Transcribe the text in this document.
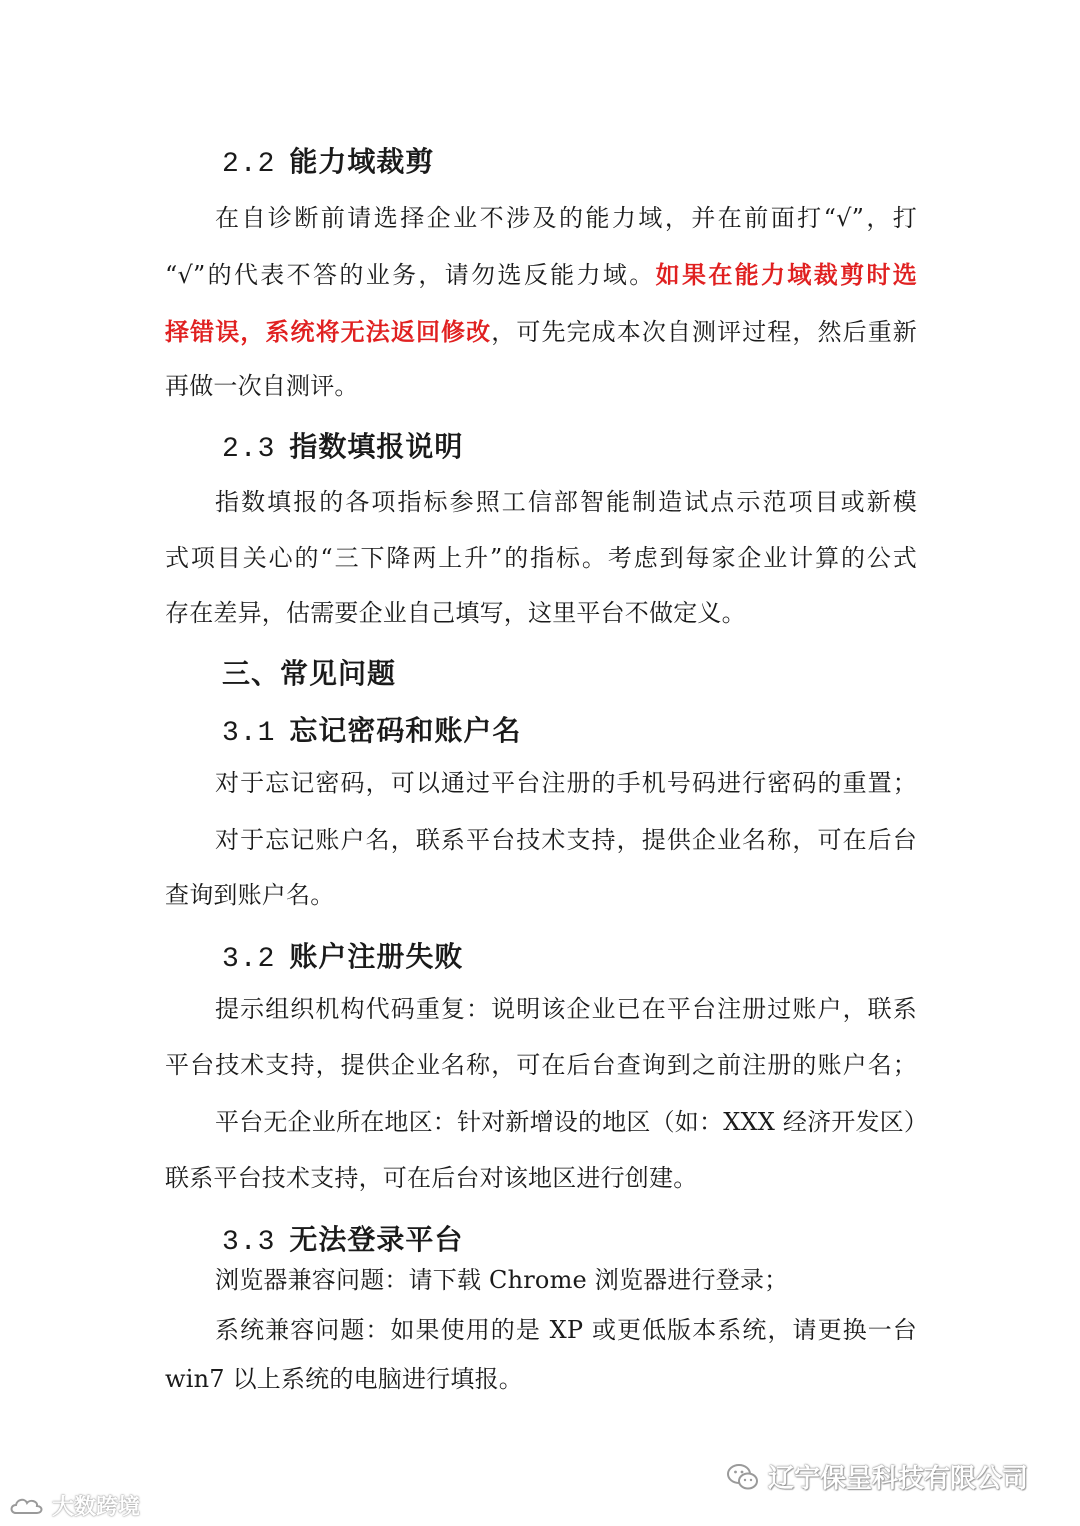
2.2 能力域裁剪
在自诊断前请选择企业不涉及的能力域，并在前面打“√”，打
“√”的代表不答的业务，请勿选反能力域。如果在能力域裁剪时选
择错误，系统将无法返回修改，可先完成本次自测评过程，然后重新
再做一次自测评。
2.3 指数填报说明
指数填报的各项指标参照工信部智能制造试点示范项目或新模
式项目关心的“三下降两上升”的指标。考虑到每家企业计算的公式
存在差异，估需要企业自己填写，这里平台不做定义。
三、常见问题
3.1 忘记密码和账户名
对于忘记密码，可以通过平台注册的手机号码进行密码的重置；
对于忘记账户名，联系平台技术支持，提供企业名称，可在后台
查询到账户名。
3.2 账户注册失败
提示组织机构代码重复：说明该企业已在平台注册过账户，联系
平台技术支持，提供企业名称，可在后台查询到之前注册的账户名；
平台无企业所在地区：针对新增设的地区（如：XXX 经济开发区）
联系平台技术支持，可在后台对该地区进行创建。
3.3 无法登录平台
浏览器兼容问题：请下载 Chrome 浏览器进行登录；
系统兼容问题：如果使用的是 XP 或更低版本系统，请更换一台
win7 以上系统的电脑进行填报。
辽宁保呈科技有限公司
大数跨境
